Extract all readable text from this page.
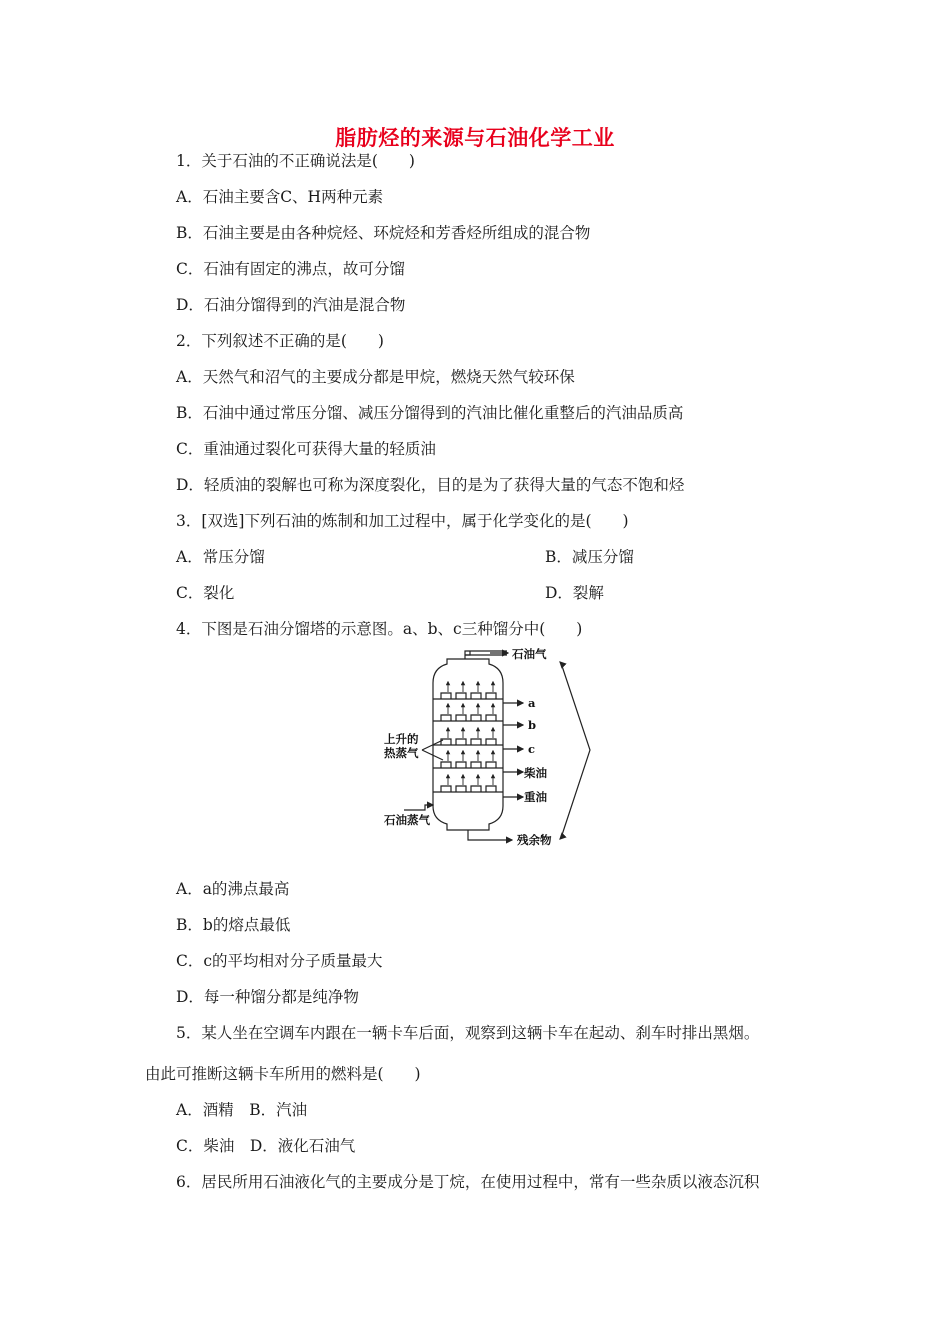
脂肪烃的来源与石油化学工业
1．关于石油的不正确说法是(　　)
A．石油主要含C、H两种元素
B．石油主要是由各种烷烃、环烷烃和芳香烃所组成的混合物
C．石油有固定的沸点，故可分馏
D．石油分馏得到的汽油是混合物
2．下列叙述不正确的是(　　)
A．天然气和沼气的主要成分都是甲烷，燃烧天然气较环保
B．石油中通过常压分馏、减压分馏得到的汽油比催化重整后的汽油品质高
C．重油通过裂化可获得大量的轻质油
D．轻质油的裂解也可称为深度裂化，目的是为了获得大量的气态不饱和烃
3．[双选]下列石油的炼制和加工过程中，属于化学变化的是(　　)
A．常压分馏	B．减压分馏
C．裂化	D．裂解
4．下图是石油分馏塔的示意图。a、b、c三种馏分中(　　)
石油气
a
b
c
柴油
重油
残余物
上升的
热蒸气
石油蒸气
A．a的沸点最高
B．b的熔点最低
C．c的平均相对分子质量最大
D．每一种馏分都是纯净物
5．某人坐在空调车内跟在一辆卡车后面，观察到这辆卡车在起动、刹车时排出黑烟。
由此可推断这辆卡车所用的燃料是(　　)
A．酒精　B．汽油
C．柴油　D．液化石油气
6．居民所用石油液化气的主要成分是丁烷，在使用过程中，常有一些杂质以液态沉积
